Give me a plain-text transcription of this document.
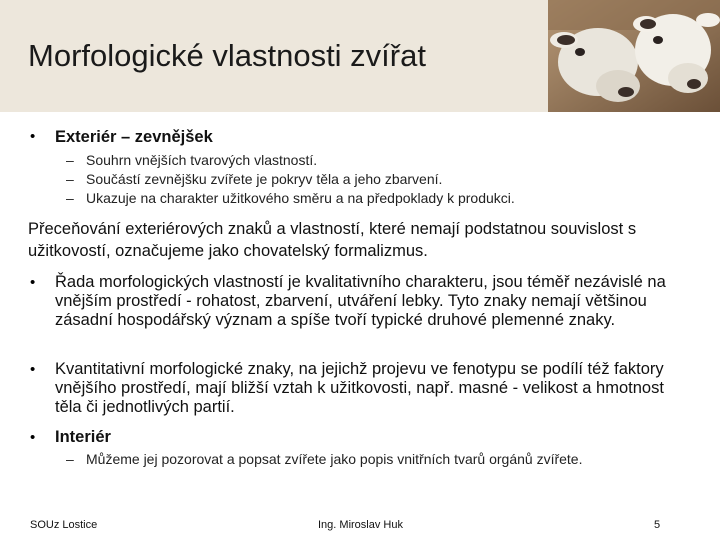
Morfologické vlastnosti zvířat
• Exteriér – zevnějšek
– Souhrn vnějších tvarových vlastností.
– Součástí zevnějšku zvířete je pokryv těla a jeho zbarvení.
– Ukazuje na charakter užitkového směru a na předpoklady k produkci.
Přeceňování exteriérových znaků a vlastností, které nemají podstatnou souvislost s užitkovostí, označujeme jako chovatelský formalizmus.
• Řada morfologických vlastností je kvalitativního charakteru, jsou téměř nezávislé na vnějším prostředí - rohatost, zbarvení, utváření lebky. Tyto znaky nemají většinou zásadní hospodářský význam a spíše tvoří typické druhové plemenné znaky.
• Kvantitativní morfologické znaky, na jejichž projevu ve fenotypu se podílí též faktory vnějšího prostředí, mají bližší vztah k užitkovosti, např. masné - velikost a hmotnost těla či jednotlivých partií.
• Interiér
– Můžeme jej pozorovat a popsat zvířete jako popis vnitřních tvarů orgánů zvířete.
SOUz Lostice	Ing. Miroslav Huk	5
